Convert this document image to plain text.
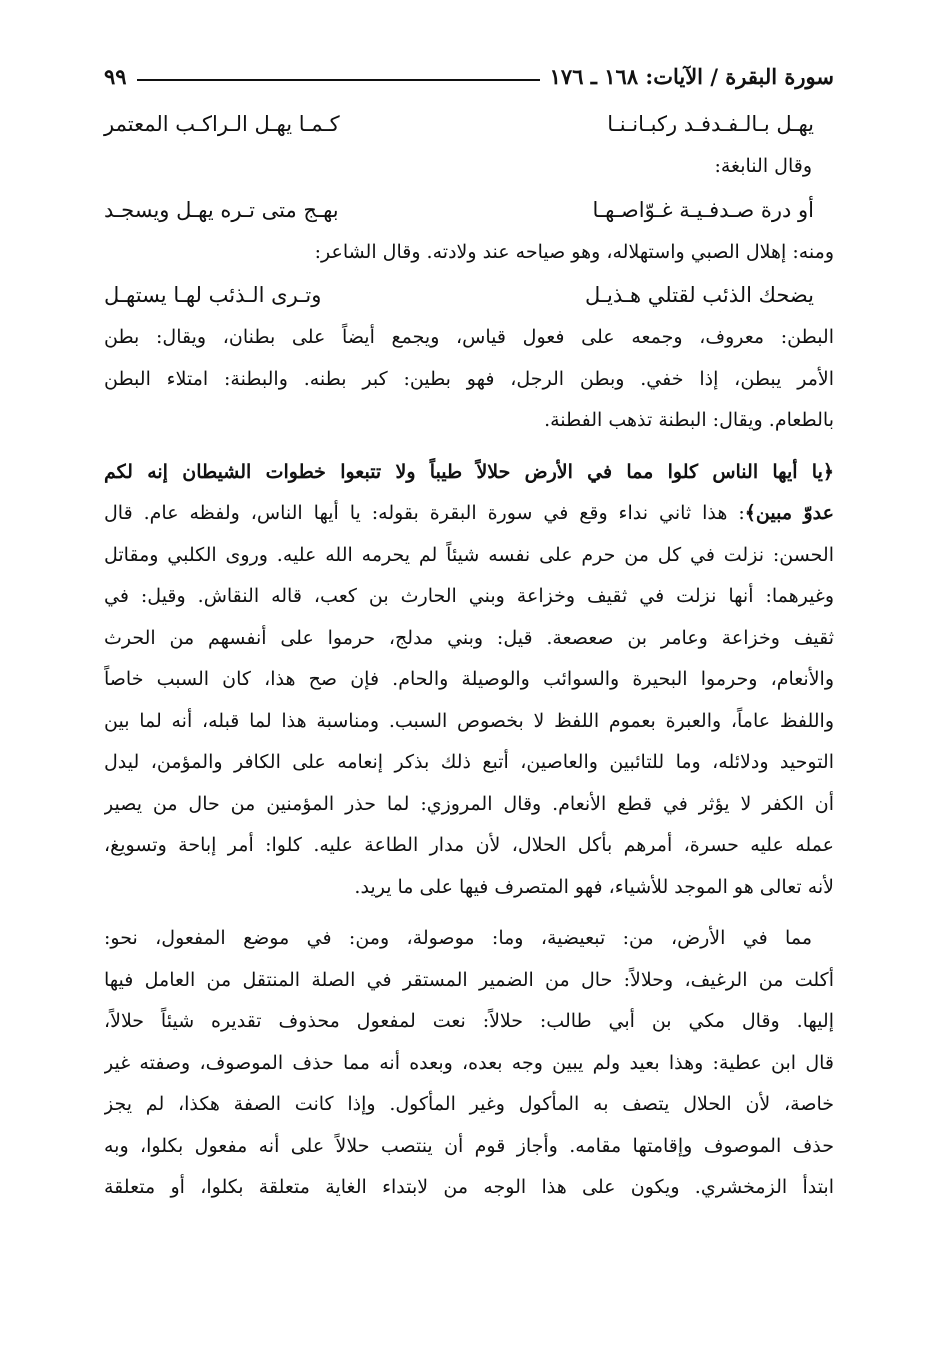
سورة البقرة / الآيات: ١٦٨ ـ ١٧٦
٩٩
يهـل بـالـفـدفـد ركبـانـنـا
كـمـا يهـل الـراكـب المعتمر
وقال النابغة:
أو درة صـدفـيـة غـوّاصـهـا
بهـج متى تـره يهـل ويسجـد
ومنه: إهلال الصبي واستهلاله، وهو صياحه عند ولادته. وقال الشاعر:
يضحك الذئب لقتلي هـذيـل
وتـرى الـذئب لهـا يستهـل
البطن: معروف، وجمعه على فعول قياس، ويجمع أيضاً على بطنان، ويقال: بطن
الأمر يبطن، إذا خفي. وبطن الرجل، فهو بطين: كبر بطنه. والبطنة: امتلاء البطن
بالطعام. ويقال: البطنة تذهب الفطنة.
﴿يا أيها الناس كلوا مما في الأرض حلالاً طيباً ولا تتبعوا خطوات الشيطان إنه لكم
عدوّ مبين﴾: هذا ثاني نداء وقع في سورة البقرة بقوله: يا أيها الناس، ولفظه عام. قال
الحسن: نزلت في كل من حرم على نفسه شيئاً لم يحرمه الله عليه. وروى الكلبي ومقاتل
وغيرهما: أنها نزلت في ثقيف وخزاعة وبني الحارث بن كعب، قاله النقاش. وقيل: في
ثقيف وخزاعة وعامر بن صعصعة. قيل: وبني مدلج، حرموا على أنفسهم من الحرث
والأنعام، وحرموا البحيرة والسوائب والوصيلة والحام. فإن صح هذا، كان السبب خاصاً
واللفظ عاماً، والعبرة بعموم اللفظ لا بخصوص السبب. ومناسبة هذا لما قبله، أنه لما بين
التوحيد ودلائله، وما للتائبين والعاصين، أتبع ذلك بذكر إنعامه على الكافر والمؤمن، ليدل
أن الكفر لا يؤثر في قطع الأنعام. وقال المروزي: لما حذر المؤمنين من حال من يصير
عمله عليه حسرة، أمرهم بأكل الحلال، لأن مدار الطاعة عليه. كلوا: أمر إباحة وتسويغ،
لأنه تعالى هو الموجد للأشياء، فهو المتصرف فيها على ما يريد.
مما في الأرض، من: تبعيضية، وما: موصولة، ومن: في موضع المفعول، نحو:
أكلت من الرغيف، وحلالاً: حال من الضمير المستقر في الصلة المنتقل من العامل فيها
إليها. وقال مكي بن أبي طالب: حلالاً: نعت لمفعول محذوف تقديره شيئاً حلالاً،
قال ابن عطية: وهذا بعيد ولم يبين وجه بعده، وبعده أنه مما حذف الموصوف، وصفته غير
خاصة، لأن الحلال يتصف به المأكول وغير المأكول. وإذا كانت الصفة هكذا، لم يجز
حذف الموصوف وإقامتها مقامه. وأجاز قوم أن ينتصب حلالاً على أنه مفعول بكلوا، وبه
ابتدأ الزمخشري. ويكون على هذا الوجه من لابتداء الغاية متعلقة بكلوا، أو متعلقة
